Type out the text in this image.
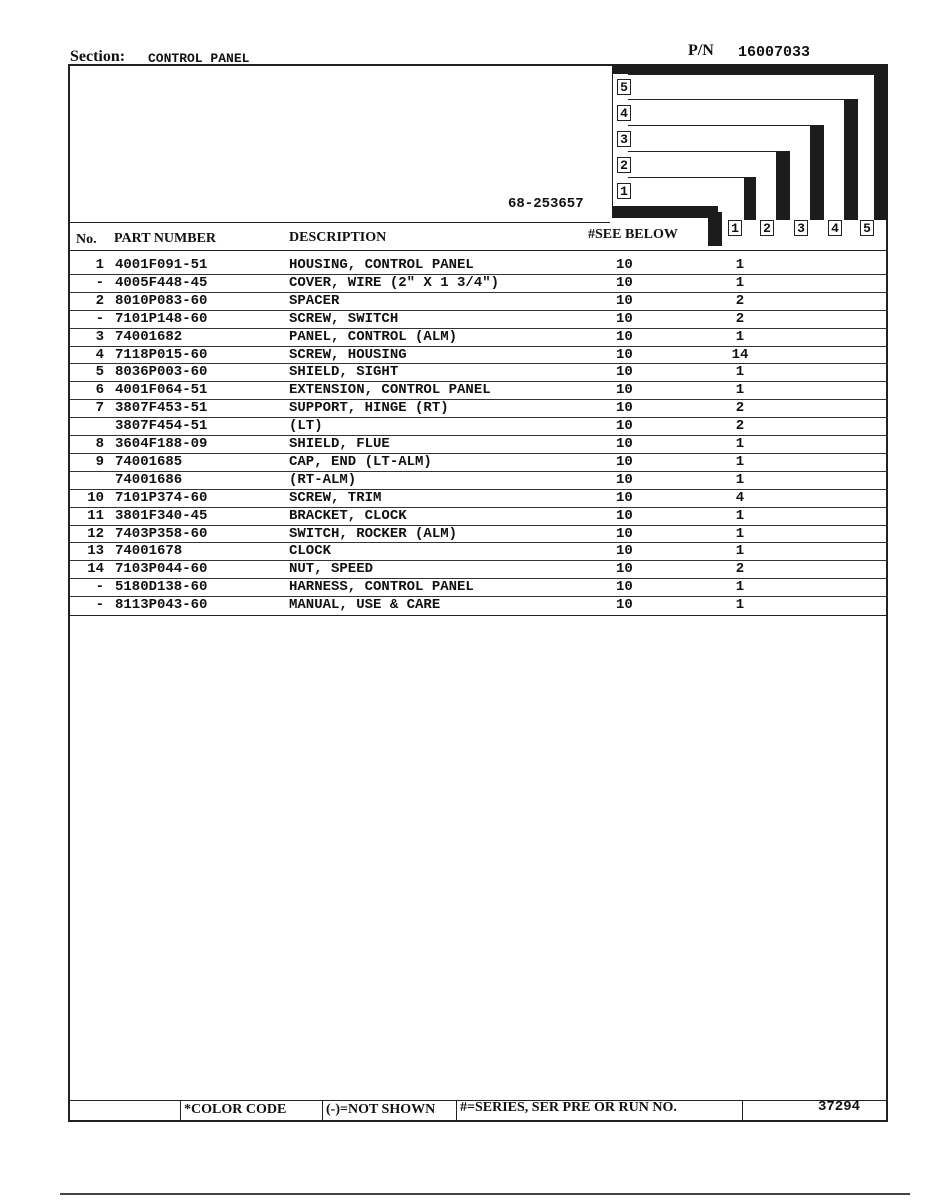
Section: CONTROL PANEL	P/N 16007033
5
4
3
2
1
1 2 3 4 5
68-253657
No. PART NUMBER	DESCRIPTION	#SEE BELOW
1 4001F091-51	HOUSING, CONTROL PANEL	10	1
- 4005F448-45	COVER, WIRE (2" X 1 3/4")	10	1
2 8010P083-60	SPACER	10	2
- 7101P148-60	SCREW, SWITCH	10	2
3 74001682	PANEL, CONTROL (ALM)	10	1
4 7118P015-60	SCREW, HOUSING	10	14
5 8036P003-60	SHIELD, SIGHT	10	1
6 4001F064-51	EXTENSION, CONTROL PANEL	10	1
7 3807F453-51	SUPPORT, HINGE (RT)	10	2
3807F454-51	(LT)	10	2
8 3604F188-09	SHIELD, FLUE	10	1
9 74001685	CAP, END (LT-ALM)	10	1
74001686	(RT-ALM)	10	1
10 7101P374-60	SCREW, TRIM	10	4
11 3801F340-45	BRACKET, CLOCK	10	1
12 7403P358-60	SWITCH, ROCKER (ALM)	10	1
13 74001678	CLOCK	10	1
14 7103P044-60	NUT, SPEED	10	2
- 5180D138-60	HARNESS, CONTROL PANEL	10	1
- 8113P043-60	MANUAL, USE & CARE	10	1
*COLOR CODE	(-)=NOT SHOWN #=SERIES, SER PRE OR RUN NO.	37294
